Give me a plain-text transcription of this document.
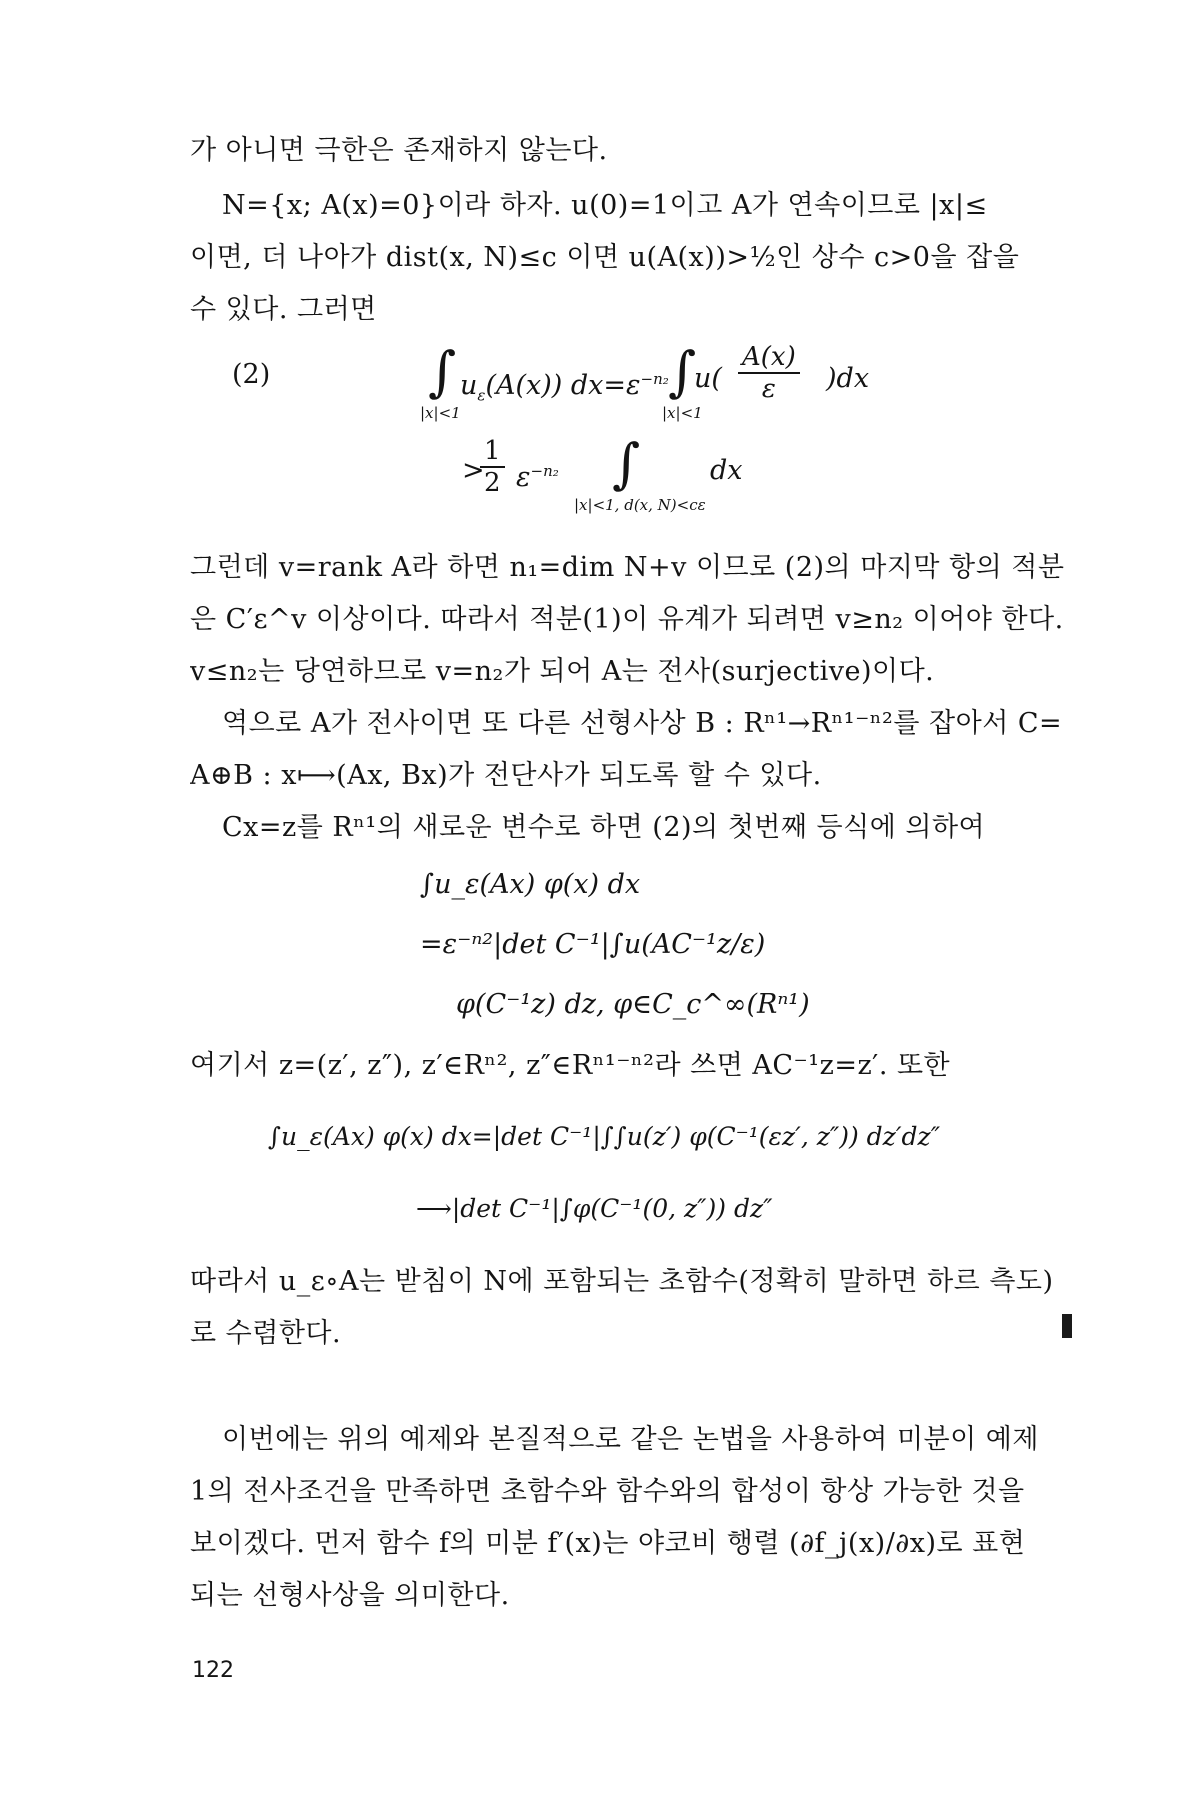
가 아니면 극한은 존재하지 않는다.
N={x; A(x)=0}이라 하자. u(0)=1이고 A가 연속이므로 |x|≤
이면, 더 나아가 dist(x, N)≤c 이면 u(A(x))>½인 상수 c>0을 잡을
수 있다. 그러면
(2)	∫ $u_\varepsilon(A(x))$ $dx=\varepsilon^{-n_2}$ ∫
$u( \frac{A(x)}{\varepsilon} )dx$
|x|<1	|x|<1
>
$\frac{1}{2} \varepsilon^{-n_2}$ ∫	dx
|x|<1, d(x, N)<cε
그런데 v=rank A라 하면 n₁=dim N+v 이므로 (2)의 마지막 항의 적분
은 C′ε^v 이상이다. 따라서 적분(1)이 유계가 되려면 v≥n₂ 이어야 한다.
v≤n₂는 당연하므로 v=n₂가 되어 A는 전사(surjective)이다.
역으로 A가 전사이면 또 다른 선형사상 B : Rⁿ¹→Rⁿ¹⁻ⁿ²를 잡아서 C=
A⊕B : x⟼(Ax, Bx)가 전단사가 되도록 할 수 있다.
Cx=z를 Rⁿ¹의 새로운 변수로 하면 (2)의 첫번째 등식에 의하여
∫u_ε(Ax) φ(x) dx
=ε⁻ⁿ²|det C⁻¹|∫u(AC⁻¹z/ε)
φ(C⁻¹z) dz, φ∈C_c^∞(Rⁿ¹)
여기서 z=(z′, z″), z′∈Rⁿ², z″∈Rⁿ¹⁻ⁿ²라 쓰면 AC⁻¹z=z′. 또한
∫u_ε(Ax) φ(x) dx=|det C⁻¹|∫∫u(z′) φ(C⁻¹(εz′, z″)) dz′dz″
⟶|det C⁻¹|∫φ(C⁻¹(0, z″)) dz″
따라서 u_ε∘A는 받침이 N에 포함되는 초함수(정확히 말하면 하르 측도)
로 수렴한다.
이번에는 위의 예제와 본질적으로 같은 논법을 사용하여 미분이 예제
1의 전사조건을 만족하면 초함수와 함수와의 합성이 항상 가능한 것을
보이겠다. 먼저 함수 f의 미분 f′(x)는 야코비 행렬 (∂f_j(x)/∂x)로 표현
되는 선형사상을 의미한다.
122
